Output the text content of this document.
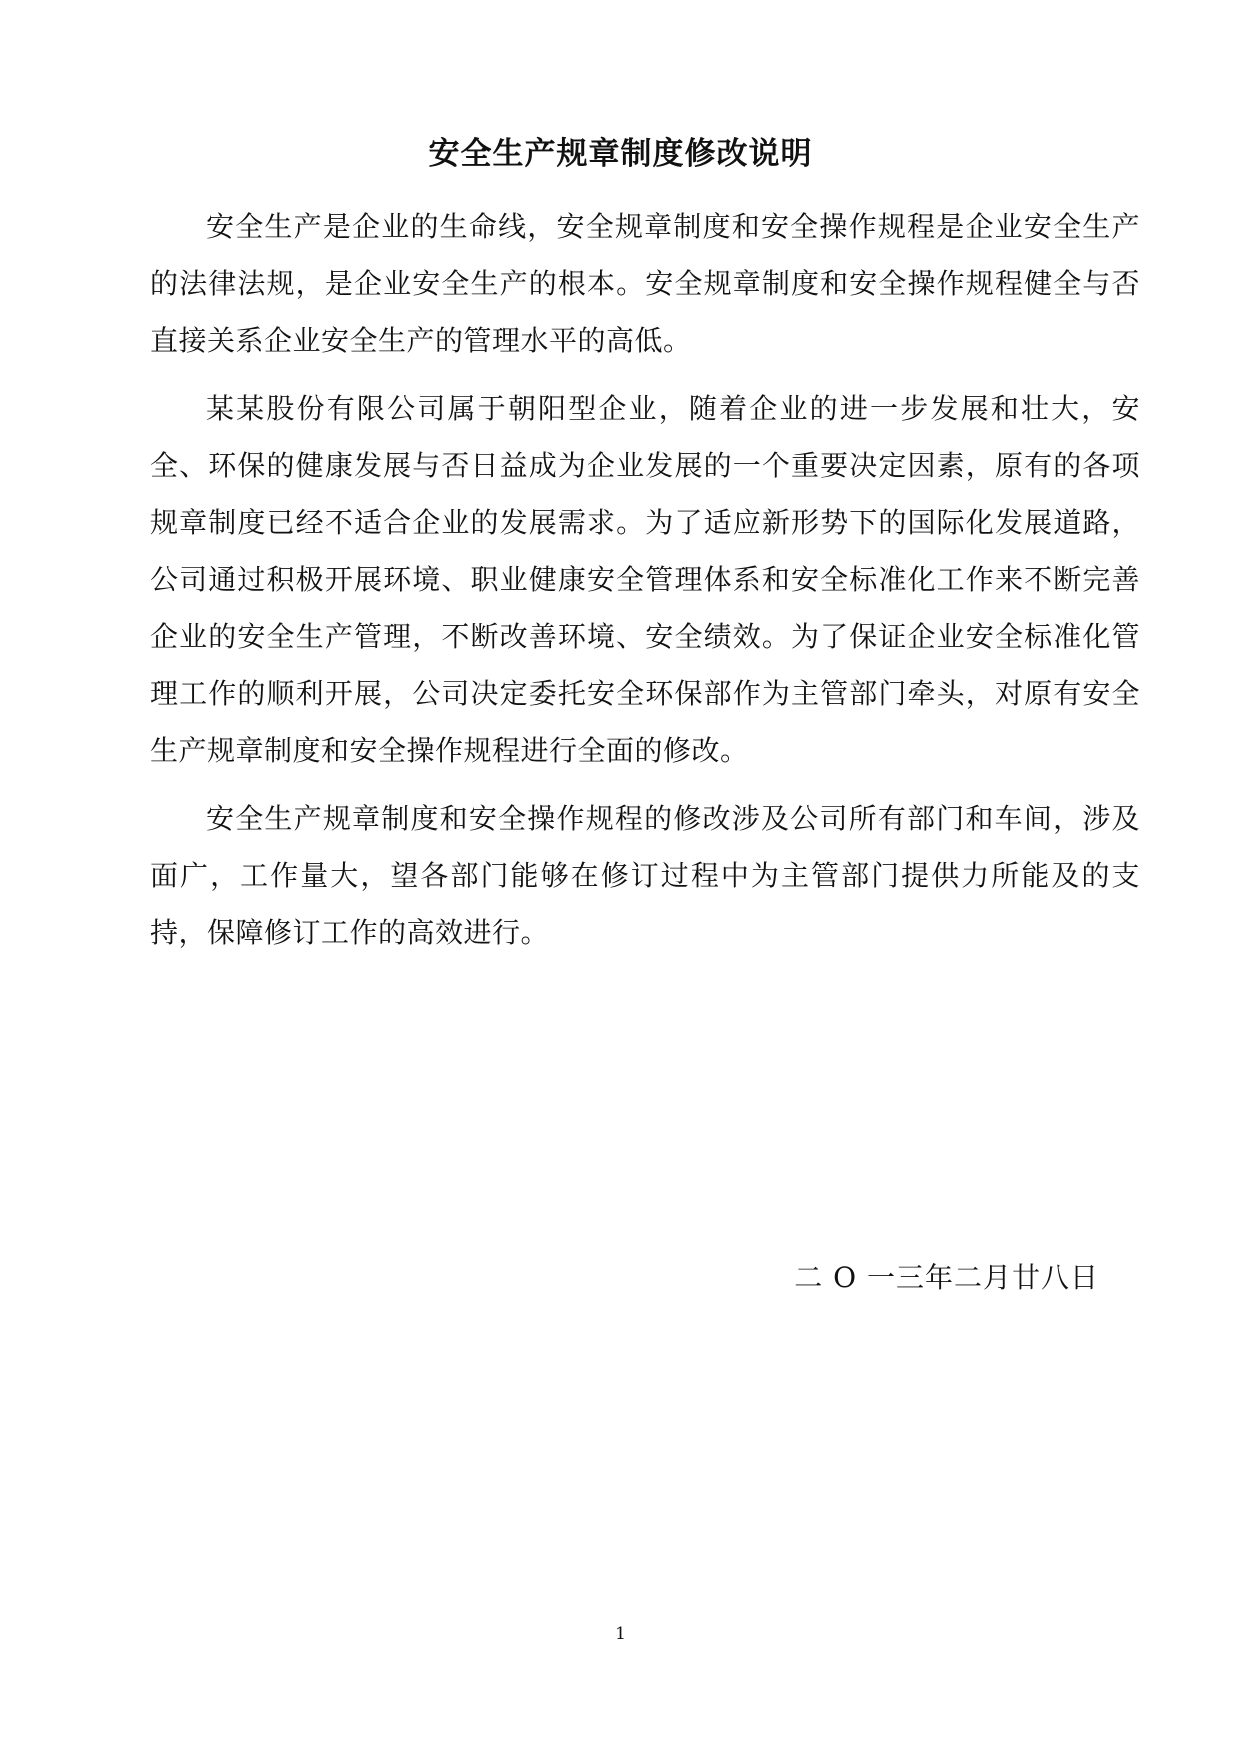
安全生产规章制度修改说明

安全生产是企业的生命线，安全规章制度和安全操作规程是企业安全生产的法律法规，是企业安全生产的根本。安全规章制度和安全操作规程健全与否直接关系企业安全生产的管理水平的高低。

某某股份有限公司属于朝阳型企业，随着企业的进一步发展和壮大，安全、环保的健康发展与否日益成为企业发展的一个重要决定因素，原有的各项规章制度已经不适合企业的发展需求。为了适应新形势下的国际化发展道路，公司通过积极开展环境、职业健康安全管理体系和安全标准化工作来不断完善企业的安全生产管理，不断改善环境、安全绩效。为了保证企业安全标准化管理工作的顺利开展，公司决定委托安全环保部作为主管部门牵头，对原有安全生产规章制度和安全操作规程进行全面的修改。

安全生产规章制度和安全操作规程的修改涉及公司所有部门和车间，涉及面广，工作量大，望各部门能够在修订过程中为主管部门提供力所能及的支持，保障修订工作的高效进行。

二 O 一三年二月廿八日
1
